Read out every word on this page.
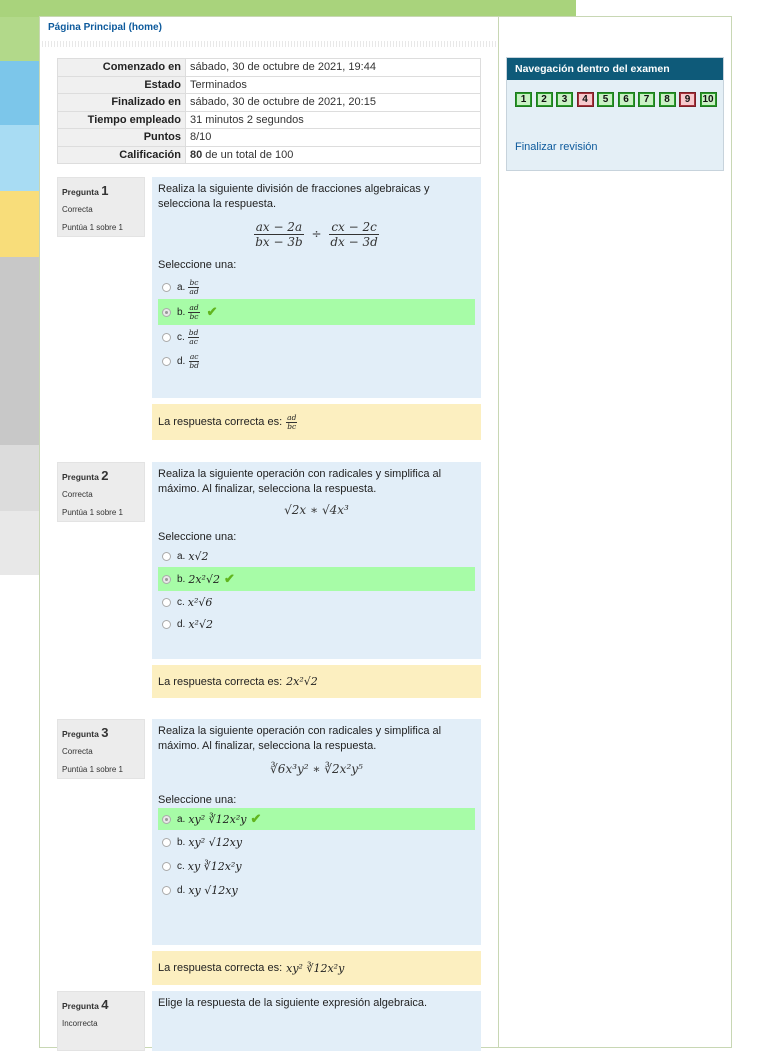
Página Principal (home)
Comenzado en	sábado, 30 de octubre de 2021, 19:44
Estado	Terminados
Finalizado en	sábado, 30 de octubre de 2021, 20:15
Tiempo empleado	31 minutos 2 segundos
Puntos	8/10
Calificación	80 de un total de 100
Pregunta 1
Correcta
Puntúa 1 sobre 1
Realiza la siguiente división de fracciones algebraicas y selecciona la respuesta.
$\frac{ax - 2a}{bx - 3b} \div \frac{cx - 2c}{dx - 3d}$
Seleccione una:
a. $\frac{bc}{ad}$
b. $\frac{ad}{bc}$ ✔
c. $\frac{bd}{ac}$
d. $\frac{ac}{bd}$
La respuesta correcta es: $\frac{ad}{bc}$
Pregunta 2
Correcta
Puntúa 1 sobre 1
Realiza la siguiente operación con radicales y simplifica al máximo. Al finalizar, selecciona la respuesta.
√2x ∗ √4x³
Seleccione una:
a. x√2
b. 2x²√2 ✔
c. x²√6
d. x²√2
La respuesta correcta es: 2x²√2
Pregunta 3
Correcta
Puntúa 1 sobre 1
Realiza la siguiente operación con radicales y simplifica al máximo. Al finalizar, selecciona la respuesta.
∛6x³y² ∗ ∛2x²y⁵
Seleccione una:
a. xy² ∛12x²y ✔
b. xy² √12xy
c. xy ∛12x²y
d. xy √12xy
La respuesta correcta es: xy² ∛12x²y
Pregunta 4
Incorrecta
Elige la respuesta de la siguiente expresión algebraica.
Navegación dentro del examen
1 2 3 4 5 6 7 8 9 10
Finalizar revisión
